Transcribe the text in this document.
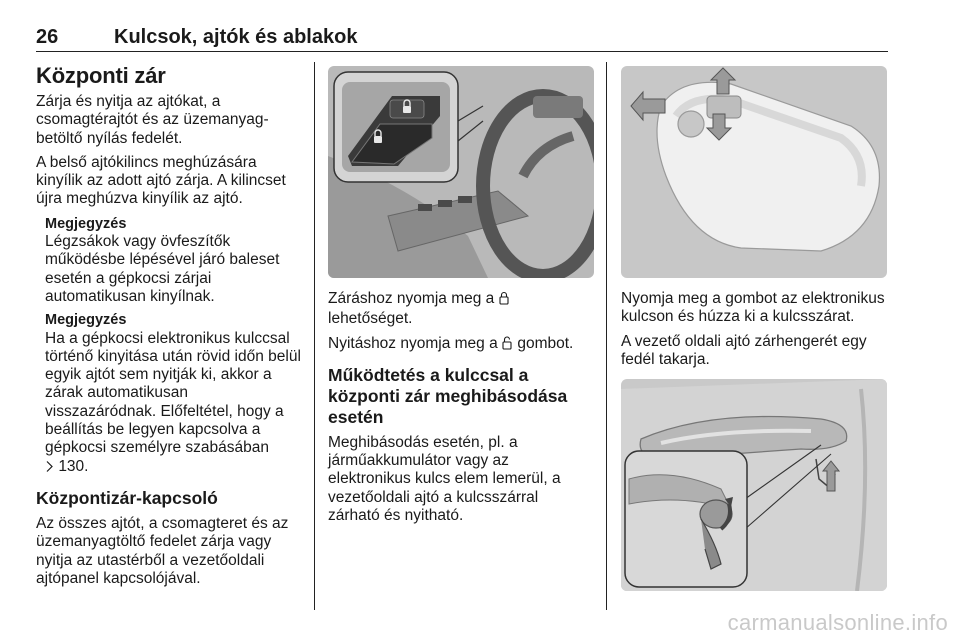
26	Kulcsok, ajtók és ablakok
Központi zár

Zárja és nyitja az ajtókat, a csomagtérajtót és az üzemanyag-betöltő nyílás fedelét.

A belső ajtókilincs meghúzására kinyílik az adott ajtó zárja. A kilincset újra meghúzva kinyílik az ajtó.

Megjegyzés
Légzsákok vagy övfeszítők működésbe lépésével járó baleset esetén a gépkocsi zárjai automatikusan kinyílnak.
Megjegyzés
Ha a gépkocsi elektronikus kulccsal történő kinyitása után rövid időn belül egyik ajtót sem nyitják ki, akkor a zárak automatikusan visszazáródnak. Előfeltétel, hogy a beállítás be legyen kapcsolva a gépkocsi személyre szabásában
130.
Központizár-kapcsoló

Az összes ajtót, a csomagteret és az üzemanyagtöltő fedelet zárja vagy nyitja az utastérből a vezetőoldali ajtópanel kapcsolójával.

Záráshoz nyomja meg a
lehetőséget.

Nyitáshoz nyomja meg a gombot.

Működtetés a kulccsal a központi zár meghibásodása esetén

Meghibásodás esetén, pl. a járműakkumulátor vagy az elektronikus kulcs elem lemerül, a vezetőoldali ajtó a kulcsszárral zárható és nyitható.

Nyomja meg a gombot az elektronikus kulcson és húzza ki a kulcsszárat.

A vezető oldali ajtó zárhengerét egy fedél takarja.

carmanualsonline.info
